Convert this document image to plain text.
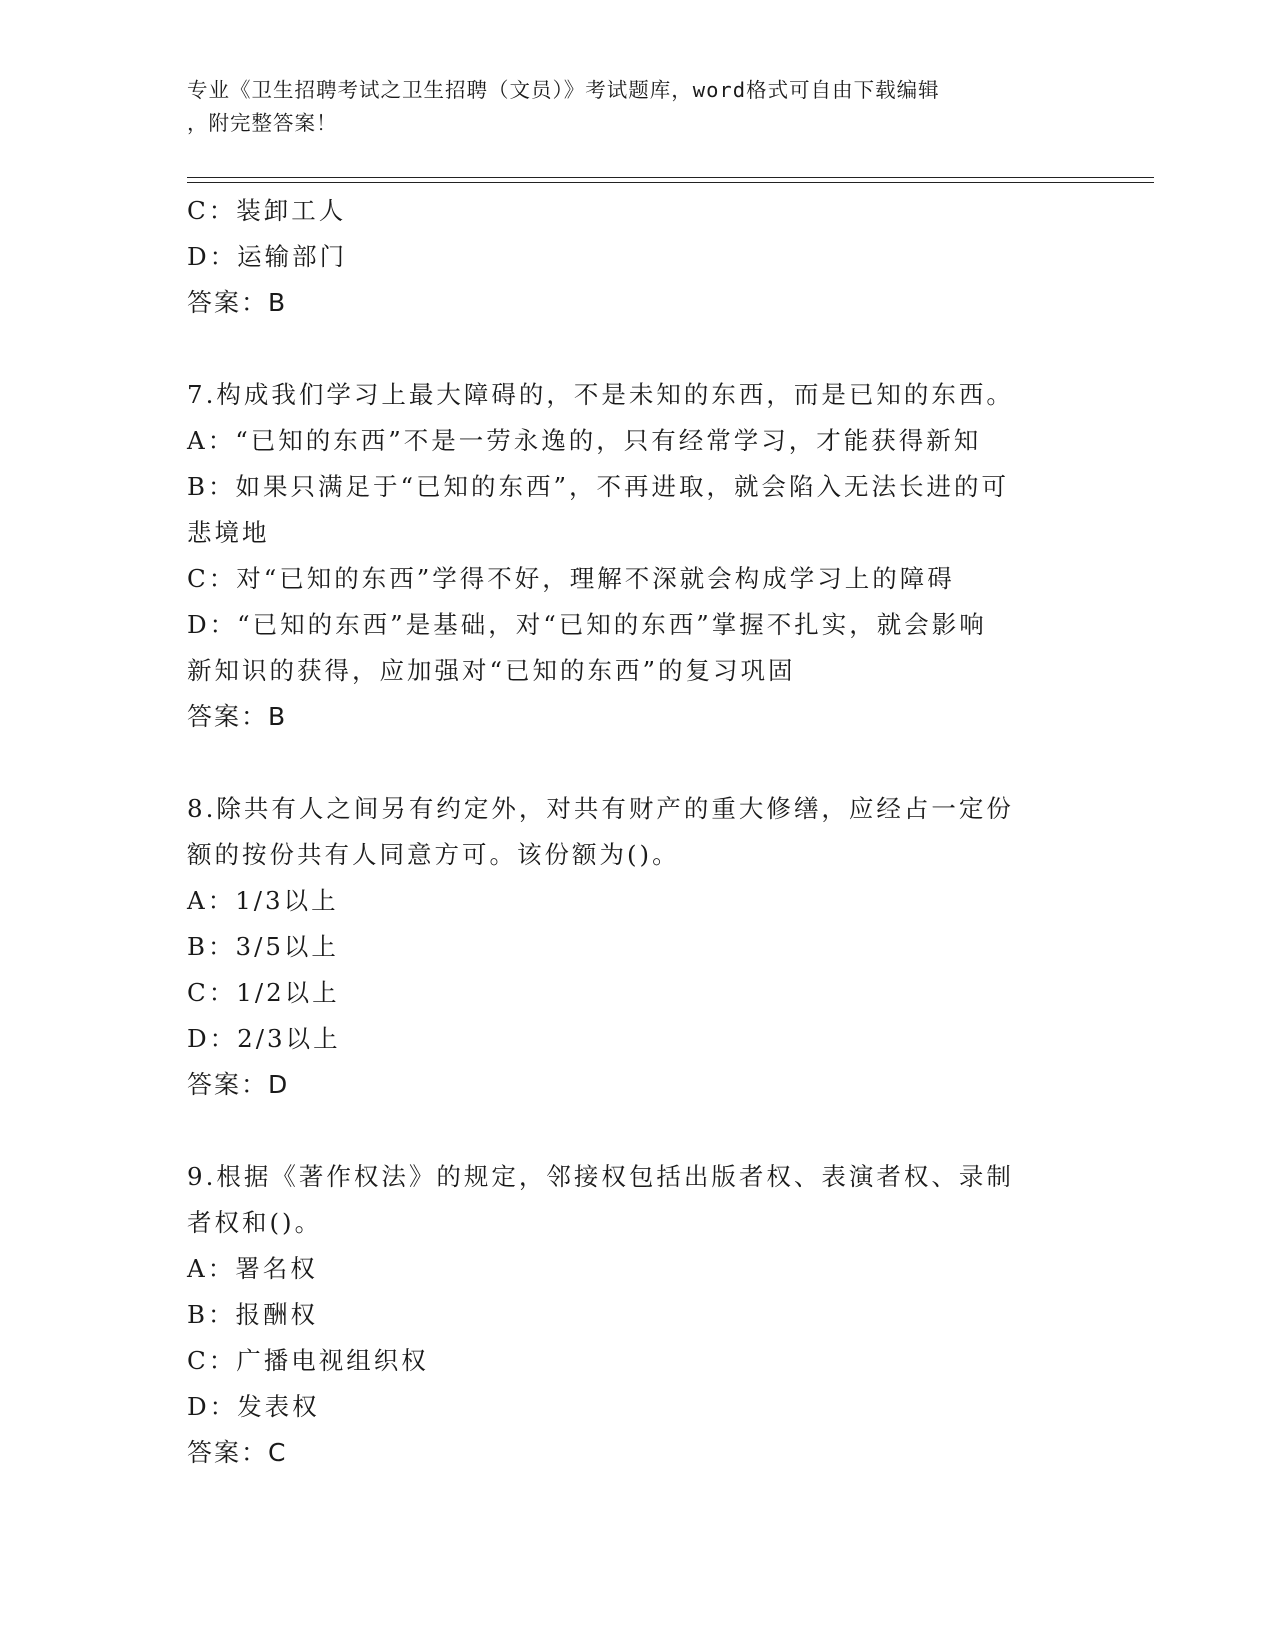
专业《卫生招聘考试之卫生招聘（文员）》考试题库，word格式可自由下载编辑
，附完整答案！
C：装卸工人
D：运输部门
答案：B
7.构成我们学习上最大障碍的，不是未知的东西，而是已知的东西。
A：“已知的东西”不是一劳永逸的，只有经常学习，才能获得新知
B：如果只满足于“已知的东西”，不再进取，就会陷入无法长进的可
悲境地
C：对“已知的东西”学得不好，理解不深就会构成学习上的障碍
D：“已知的东西”是基础，对“已知的东西”掌握不扎实，就会影响
新知识的获得，应加强对“已知的东西”的复习巩固
答案：B
8.除共有人之间另有约定外，对共有财产的重大修缮，应经占一定份
额的按份共有人同意方可。该份额为()。
A：1/3以上
B：3/5以上
C：1/2以上
D：2/3以上
答案：D
9.根据《著作权法》的规定，邻接权包括出版者权、表演者权、录制
者权和()。
A：署名权
B：报酬权
C：广播电视组织权
D：发表权
答案：C
